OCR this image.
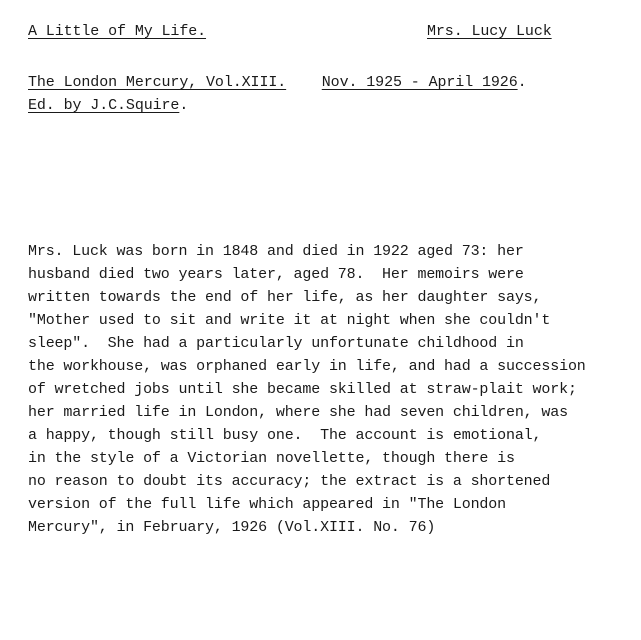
A Little of My Life.	Mrs. Lucy Luck
The London Mercury, Vol.XIII. Nov. 1925 - April 1926.
Ed. by J.C.Squire.
Mrs. Luck was born in 1848 and died in 1922 aged 73: her
husband died two years later, aged 78.  Her memoirs were
written towards the end of her life, as her daughter says,
"Mother used to sit and write it at night when she couldn't
sleep".  She had a particularly unfortunate childhood in
the workhouse, was orphaned early in life, and had a succession
of wretched jobs until she became skilled at straw-plait work;
her married life in London, where she had seven children, was
a happy, though still busy one.  The account is emotional,
in the style of a Victorian novellette, though there is
no reason to doubt its accuracy; the extract is a shortened
version of the full life which appeared in "The London
Mercury", in February, 1926 (Vol.XIII. No. 76)
